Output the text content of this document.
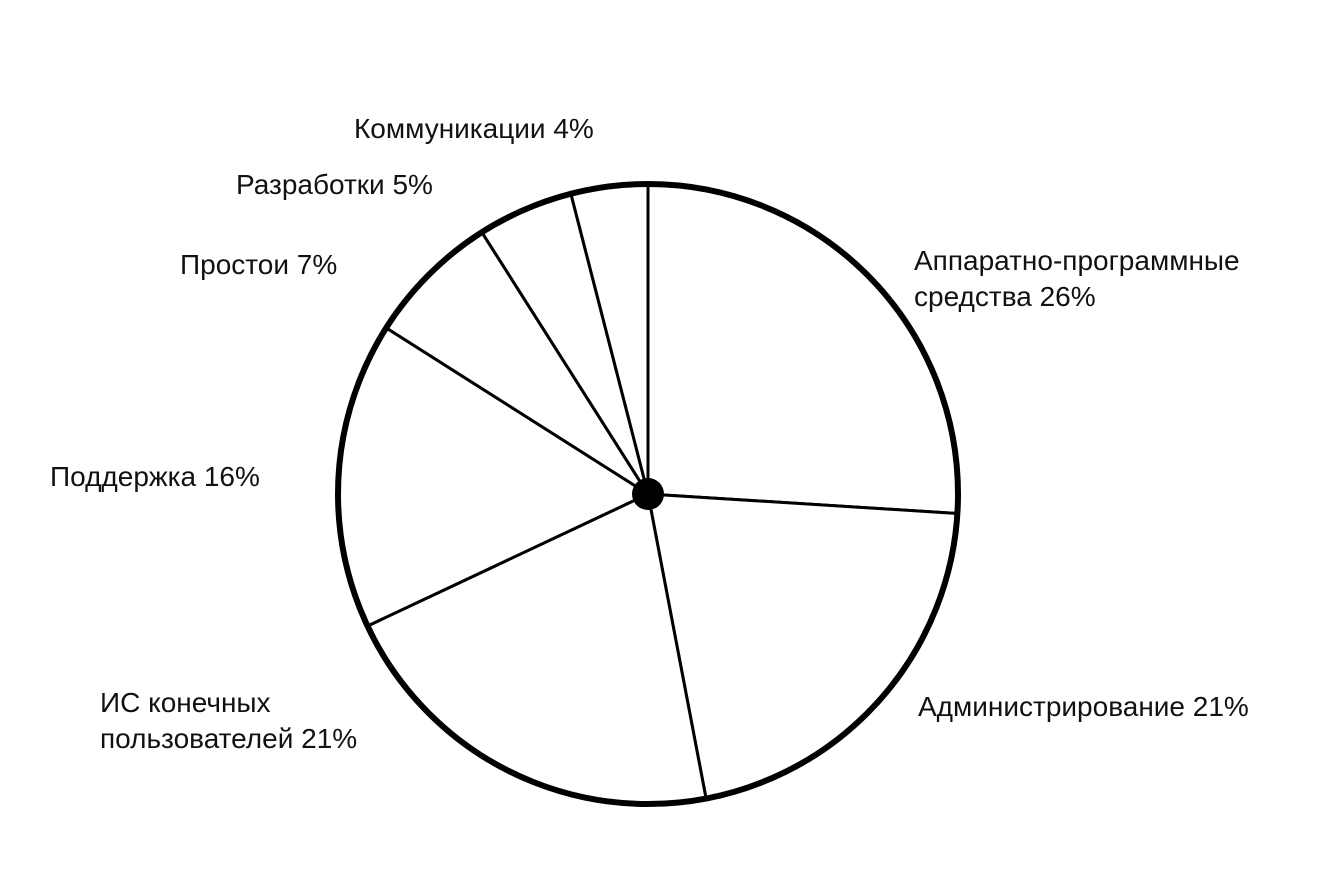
Аппаратно-программные средства 26%
Администрирование 21%
ИС конечных пользователей 21%
Поддержка 16%
Простои 7%
Разработки 5%
Коммуникации 4%
